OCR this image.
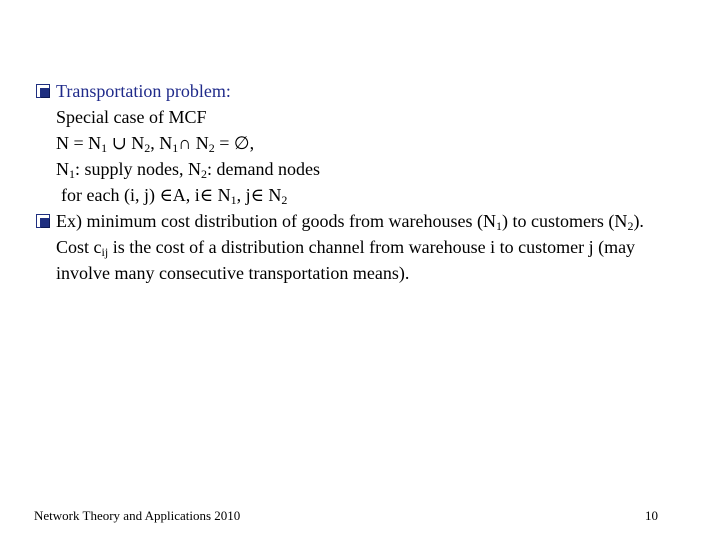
Transportation problem:
Special case of MCF
$N = N_1$ ∪ $N_2$, $N_1\cap$ $N_2$ = ∅,
$N_1$: supply nodes, $N_2$: demand nodes
for each (i, j) ∈A, i∈ $N_1$, j∈ $N_2$
Ex) minimum cost distribution of goods from warehouses $(N_1)$ to customers $(N_2)$. Cost $c_{ij}$ is the cost of a distribution channel from warehouse i to customer j (may involve many consecutive transportation means).
Network Theory and Applications 2010	10
